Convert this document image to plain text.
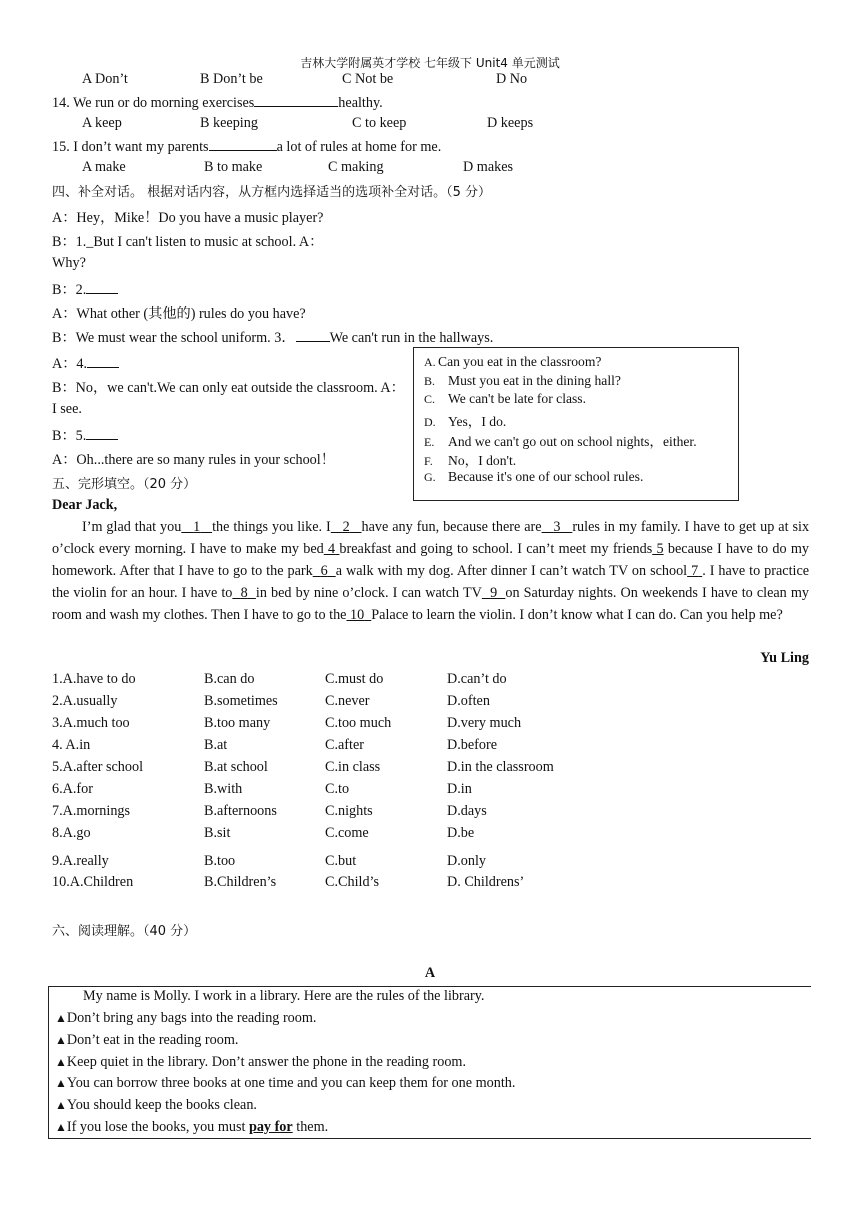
吉林大学附属英才学校 七年级下 Unit4 单元测试
A Don’t	B Don’t be	C Not be	D No
14. We run or do morning exercises	healthy.
A keep	B keeping	C to keep	D keeps
15. I don’t want my parents	a lot of rules at home for me.
A make	B to make	C making	D makes
四、补全对话。 根据对话内容，从方框内选择适当的选项补全对话。（5 分）
A：Hey，Mike！Do you have a music player?
B：1._But I can't listen to music at school. A：
Why?
B：2.
A：What other (其他的) rules do you have?
B：We must wear the school uniform. 3． We can't run in the hallways.
A：4.
B：No，we can't.We can only eat outside the classroom. A：
I see.
B：5.
A：Oh...there are so many rules in your school！
A. Can you eat in the classroom?
B. Must you eat in the dining hall?
C. We can't be late for class.
D. Yes，I do.
E. And we can't go out on school nights，either.
F. No，I don't.
G. Because it's one of our school rules.
五、完形填空。（20 分）
Dear Jack,
I’m glad that you 1 the things you like. I 2 have any fun, because there are 3 rules in my family. I have to get up at six o’clock every morning. I have to make my bed 4 breakfast and going to school. I can’t meet my friends 5 because I have to do my homework. After that I have to go to the park 6 a walk with my dog. After dinner I can’t watch TV on school 7 . I have to practice the violin for an hour. I have to 8 in bed by nine o’clock. I can watch TV 9 on Saturday nights. On weekends I have to clean my room and wash my clothes. Then I have to go to the 10 Palace to learn the violin. I don’t know what I can do. Can you help me?
Yu Ling
1.A.have to do	B.can do	C.must do	D.can’t do
2.A.usually	B.sometimes	C.never	D.often
3.A.much too	B.too many	C.too much	D.very much
4. A.in	B.at	C.after	D.before
5.A.after school	B.at school	C.in class	D.in the classroom
6.A.for	B.with	C.to	D.in
7.A.mornings	B.afternoons	C.nights	D.days
8.A.go	B.sit	C.come	D.be
9.A.really	B.too	C.but	D.only
10.A.Children	B.Children’s	C.Child’s	D. Childrens’
六、阅读理解。（40 分）
A
My name is Molly. I work in a library. Here are the rules of the library.
▲Don’t bring any bags into the reading room.
▲Don’t eat in the reading room.
▲Keep quiet in the library. Don’t answer the phone in the reading room.
▲You can borrow three books at one time and you can keep them for one month.
▲You should keep the books clean.
▲If you lose the books, you must pay for them.
